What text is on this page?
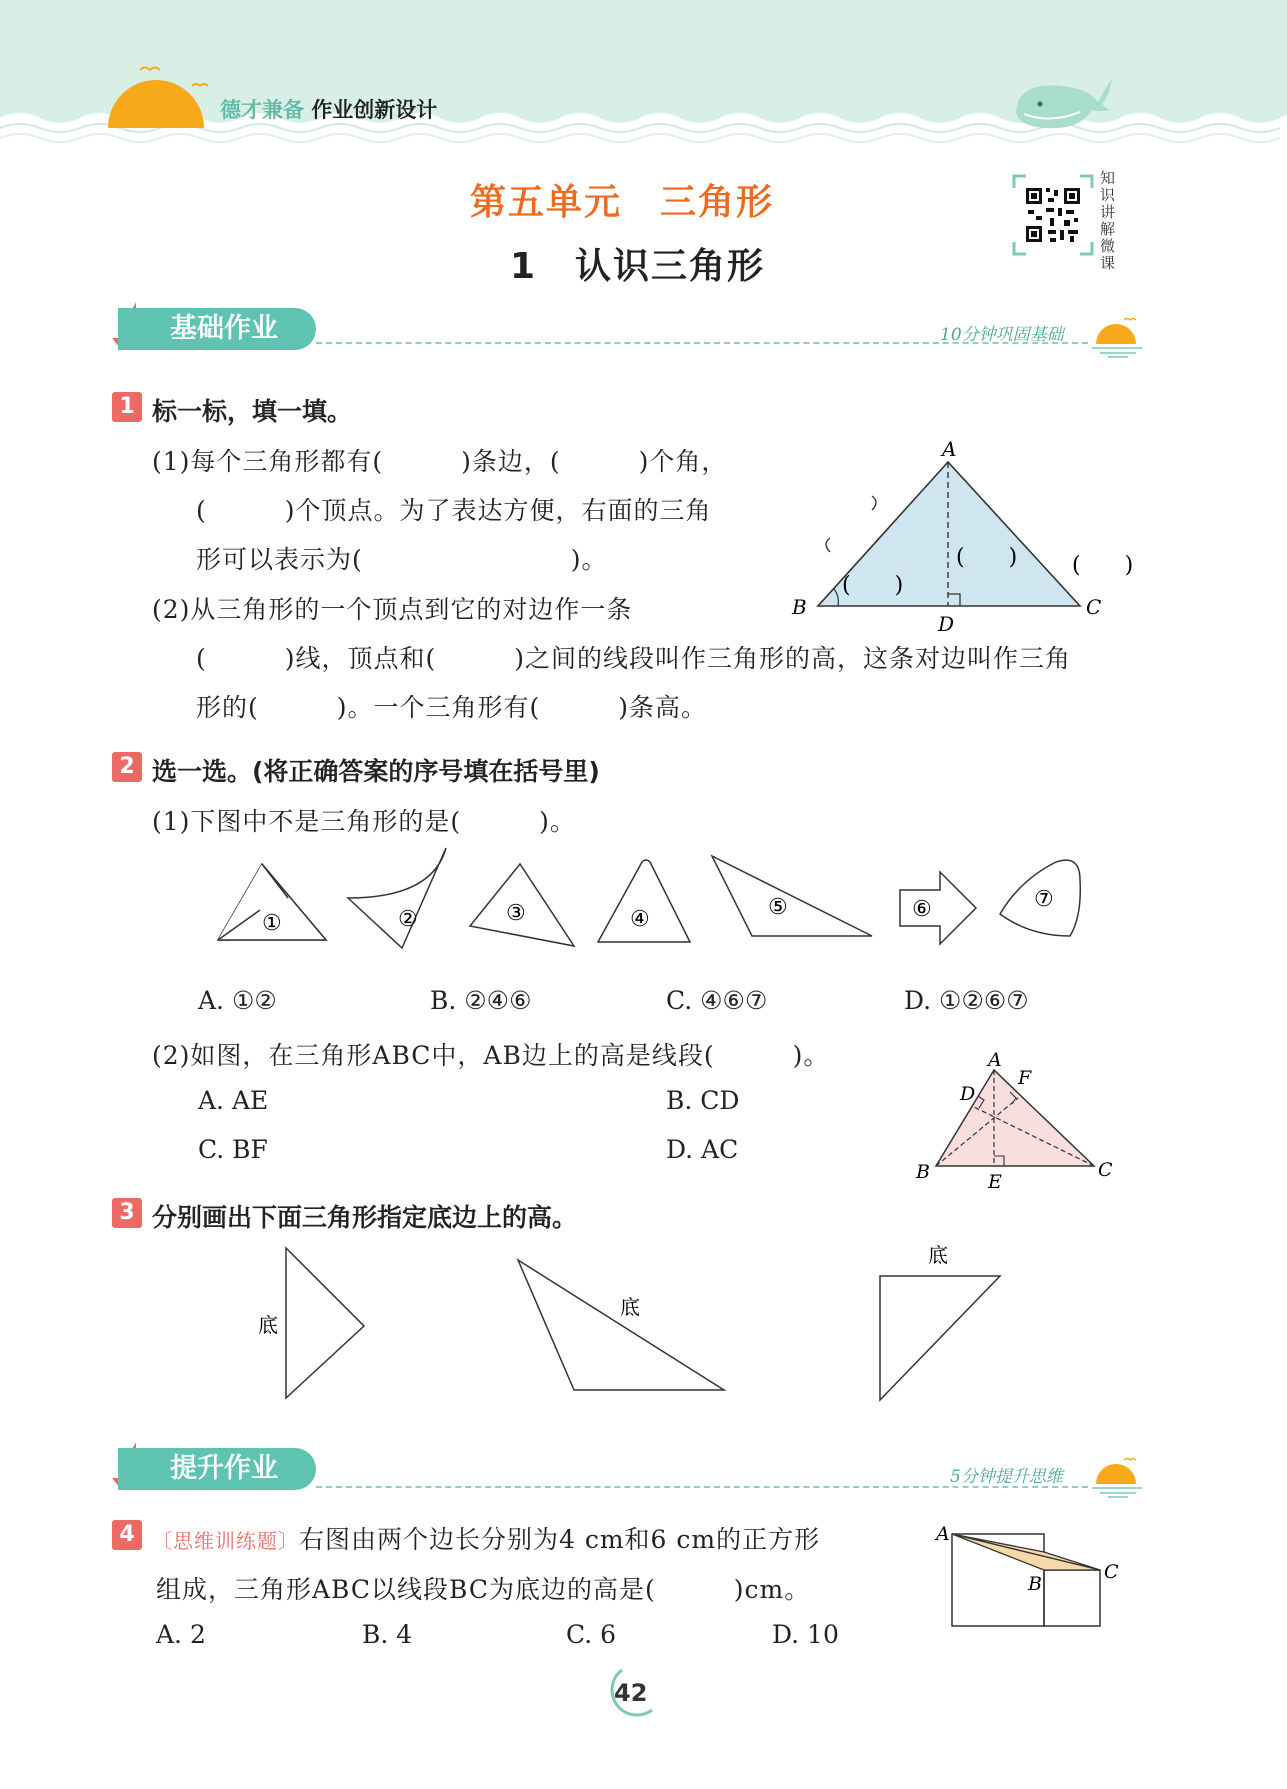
德才兼备 作业创新设计
第五单元　三角形
1　认识三角形
知识讲解微课
基础作业	10分钟巩固基础
1 标一标，填一填。
(1)每个三角形都有(　　　)条边，(　　　)个角，
(　　　)个顶点。为了表达方便，右面的三角
形可以表示为(　　　　　　　　)。
(2)从三角形的一个顶点到它的对边作一条
(　　　)线，顶点和(　　　)之间的线段叫作三角形的高，这条对边叫作三角
形的(　　　)。一个三角形有(　　　)条高。
A
B	C
D
(　　)
(　　) (　　)
2 选一选。(将正确答案的序号填在括号里)
(1)下图中不是三角形的是(　　　)。
①	②	③	④	⑤	⑥	⑦
A. ①②	B. ②④⑥	C. ④⑥⑦	D. ①②⑥⑦
(2)如图，在三角形ABC中，AB边上的高是线段(　　　)。
A. AE	B. CD
C. BF	D. AC
A
B	C
D
E
F
3 分别画出下面三角形指定底边上的高。
底
底
底
提升作业	5分钟提升思维
4 〔思维训练题〕右图由两个边长分别为4 cm和6 cm的正方形
组成，三角形ABC以线段BC为底边的高是(　　　)cm。
A. 2	B. 4	C. 6	D. 10
A
B
C
42
